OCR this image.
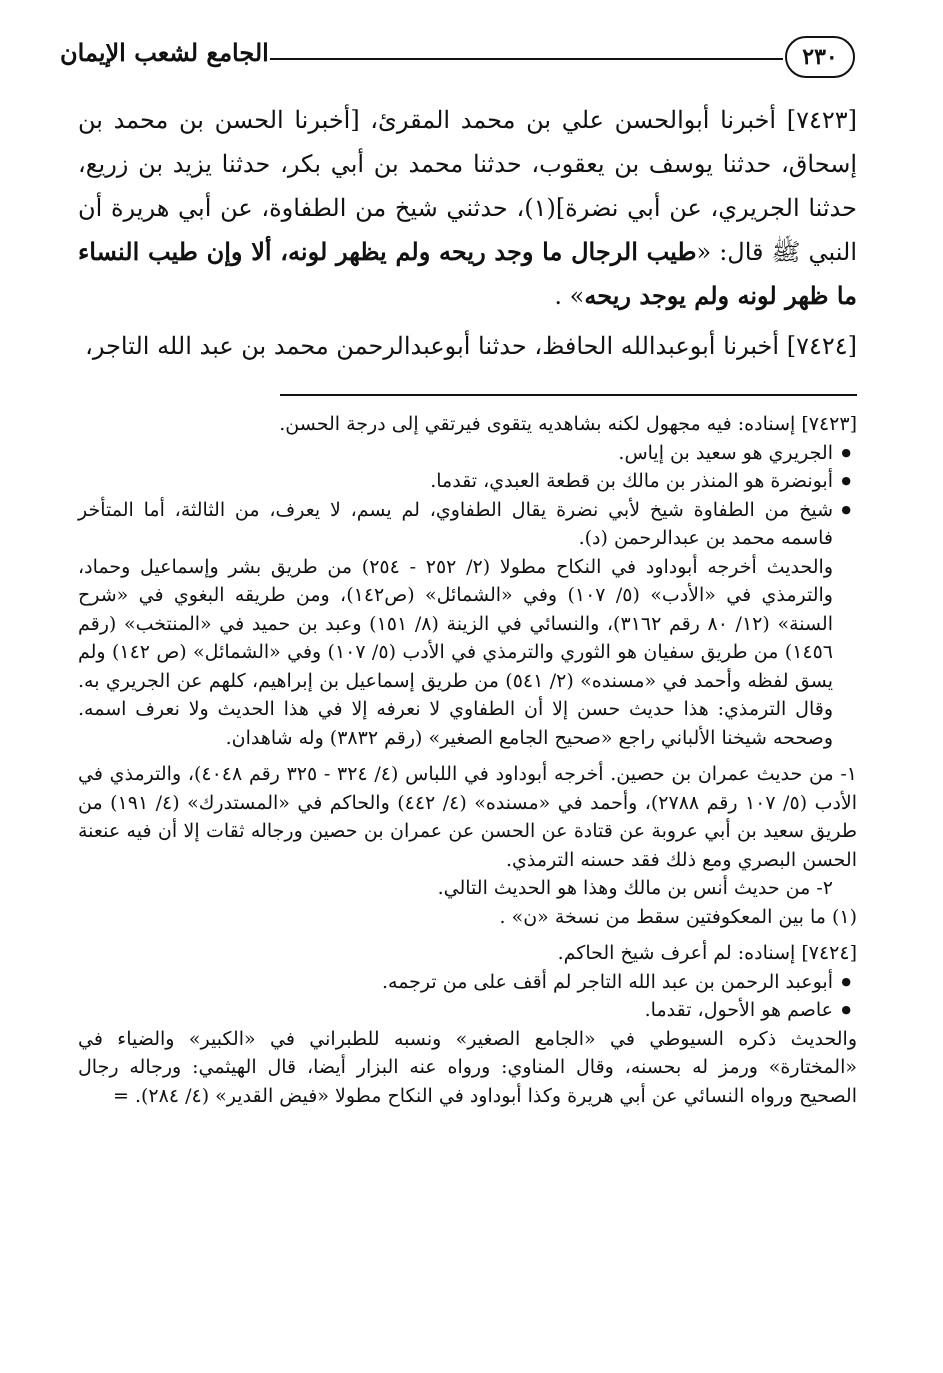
٢٣٠
الجامع لشعب الإيمان

[٧٤٢٣] أخبرنا أبوالحسن علي بن محمد المقرئ، [أخبرنا الحسن بن محمد بن إسحاق، حدثنا يوسف بن يعقوب، حدثنا محمد بن أبي بكر، حدثنا يزيد بن زريع، حدثنا الجريري، عن أبي نضرة](١)، حدثني شيخ من الطفاوة، عن أبي هريرة أن النبي ﷺ قال: «طيب الرجال ما وجد ريحه ولم يظهر لونه، ألا وإن طيب النساء ما ظهر لونه ولم يوجد ريحه» .

[٧٤٢٤] أخبرنا أبوعبدالله الحافظ، حدثنا أبوعبدالرحمن محمد بن عبد الله التاجر،

[٧٤٢٣] إسناده: فيه مجهول لكنه بشاهديه يتقوى فيرتقي إلى درجة الحسن.

● الجريري هو سعيد بن إياس.

● أبونضرة هو المنذر بن مالك بن قطعة العبدي، تقدما.

● شيخ من الطفاوة شيخ لأبي نضرة يقال الطفاوي، لم يسم، لا يعرف، من الثالثة، أما المتأخر فاسمه محمد بن عبدالرحمن (د).

والحديث أخرجه أبوداود في النكاح مطولا (٢/ ٢٥٢ - ٢٥٤) من طريق بشر وإسماعيل وحماد، والترمذي في «الأدب» (٥/ ١٠٧) وفي «الشمائل» (ص١٤٢)، ومن طريقه البغوي في «شرح السنة» (١٢/ ٨٠ رقم ٣١٦٢)، والنسائي في الزينة (٨/ ١٥١) وعبد بن حميد في «المنتخب» (رقم ١٤٥٦) من طريق سفيان هو الثوري والترمذي في الأدب (٥/ ١٠٧) وفي «الشمائل» (ص ١٤٢) ولم يسق لفظه وأحمد في «مسنده» (٢/ ٥٤١) من طريق إسماعيل بن إبراهيم، كلهم عن الجريري به. وقال الترمذي: هذا حديث حسن إلا أن الطفاوي لا نعرفه إلا في هذا الحديث ولا نعرف اسمه. وصححه شيخنا الألباني راجع «صحيح الجامع الصغير» (رقم ٣٨٣٢) وله شاهدان.

١- من حديث عمران بن حصين. أخرجه أبوداود في اللباس (٤/ ٣٢٤ - ٣٢٥ رقم ٤٠٤٨)، والترمذي في الأدب (٥/ ١٠٧ رقم ٢٧٨٨)، وأحمد في «مسنده» (٤/ ٤٤٢) والحاكم في «المستدرك» (٤/ ١٩١) من طريق سعيد بن أبي عروبة عن قتادة عن الحسن عن عمران بن حصين ورجاله ثقات إلا أن فيه عنعنة الحسن البصري ومع ذلك فقد حسنه الترمذي.

٢- من حديث أنس بن مالك وهذا هو الحديث التالي.

(١) ما بين المعكوفتين سقط من نسخة «ن» .

[٧٤٢٤] إسناده: لم أعرف شيخ الحاكم.

● أبوعبد الرحمن بن عبد الله التاجر لم أقف على من ترجمه.

● عاصم هو الأحول، تقدما.

والحديث ذكره السيوطي في «الجامع الصغير» ونسبه للطبراني في «الكبير» والضياء في «المختارة» ورمز له بحسنه، وقال المناوي: ورواه عنه البزار أيضا، قال الهيثمي: ورجاله رجال الصحيح ورواه النسائي عن أبي هريرة وكذا أبوداود في النكاح مطولا «فيض القدير» (٤/ ٢٨٤). =
